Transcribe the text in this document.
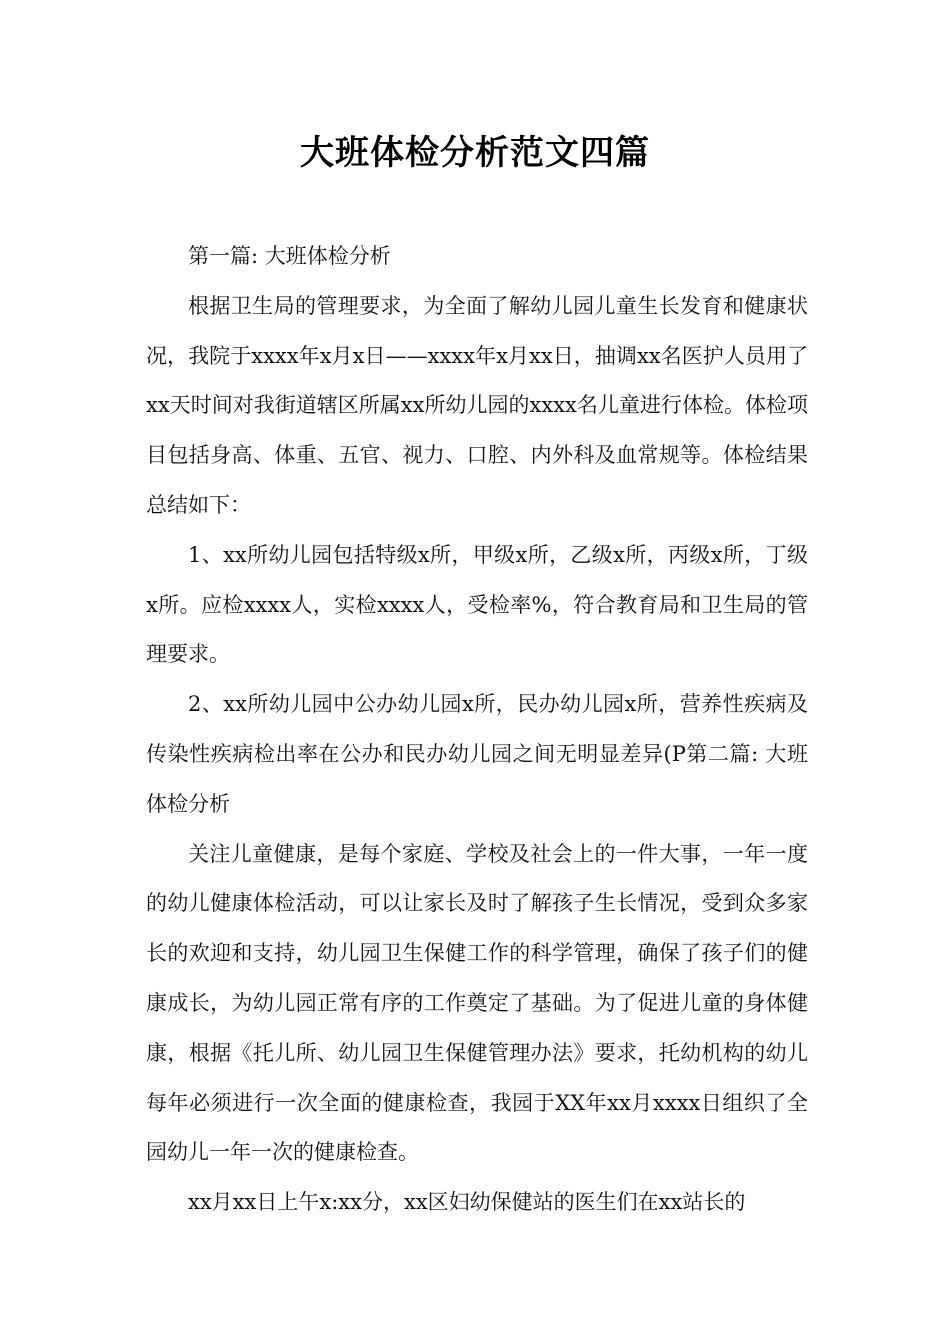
大班体检分析范文四篇

第一篇: 大班体检分析

根据卫生局的管理要求，为全面了解幼儿园儿童生长发育和健康状况，我院于xxxx年x月x日——xxxx年x月xx日，抽调xx名医护人员用了xx天时间对我街道辖区所属xx所幼儿园的xxxx名儿童进行体检。体检项目包括身高、体重、五官、视力、口腔、内外科及血常规等。体检结果总结如下：

1、xx所幼儿园包括特级x所，甲级x所，乙级x所，丙级x所，丁级x所。应检xxxx人，实检xxxx人，受检率%，符合教育局和卫生局的管理要求。

2、xx所幼儿园中公办幼儿园x所，民办幼儿园x所，营养性疾病及传染性疾病检出率在公办和民办幼儿园之间无明显差异(P第二篇: 大班体检分析

关注儿童健康，是每个家庭、学校及社会上的一件大事，一年一度的幼儿健康体检活动，可以让家长及时了解孩子生长情况，受到众多家长的欢迎和支持，幼儿园卫生保健工作的科学管理，确保了孩子们的健康成长，为幼儿园正常有序的工作奠定了基础。为了促进儿童的身体健康，根据《托儿所、幼儿园卫生保健管理办法》要求，托幼机构的幼儿每年必须进行一次全面的健康检查，我园于XX年xx月xxxx日组织了全园幼儿一年一次的健康检查。

xx月xx日上午x:xx分，xx区妇幼保健站的医生们在xx站长的
